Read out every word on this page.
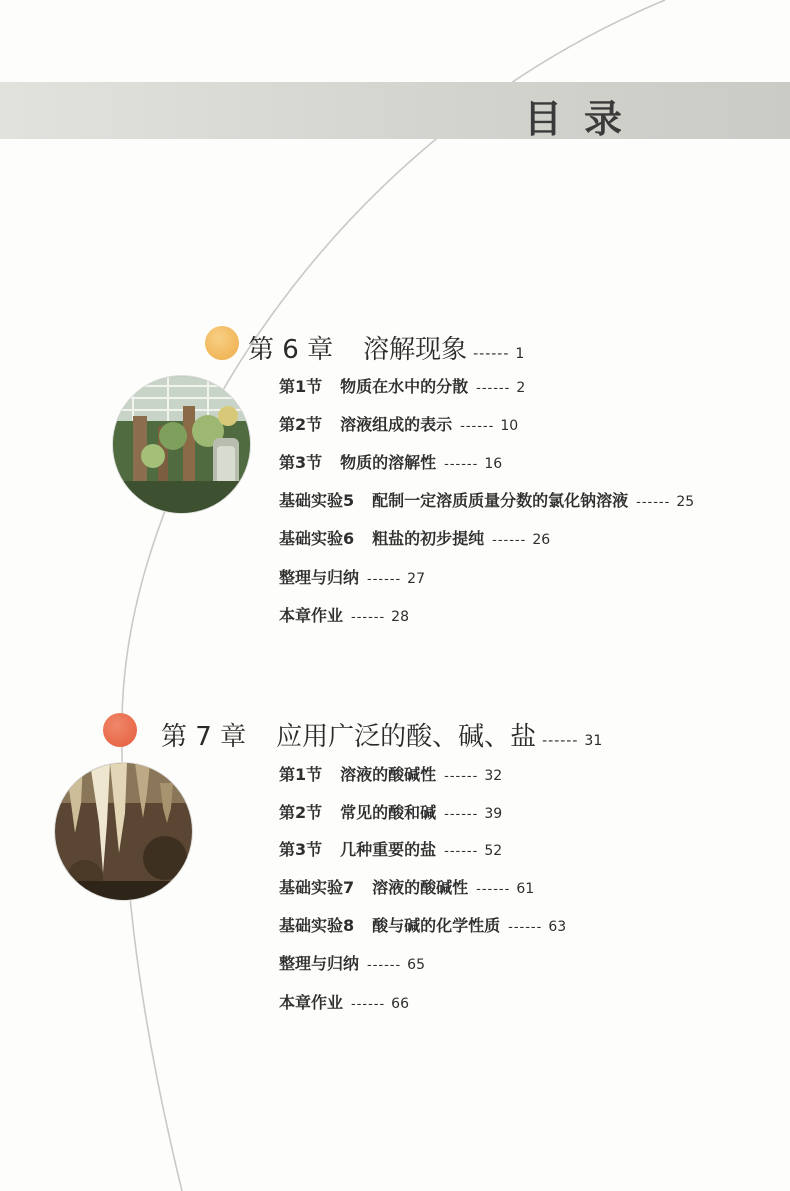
目录
第 6 章 溶解现象 ------ 1
第1节 物质在水中的分散 ------ 2
第2节 溶液组成的表示 ------ 10
第3节 物质的溶解性 ------ 16
基础实验5 配制一定溶质质量分数的氯化钠溶液 ------ 25
基础实验6 粗盐的初步提纯 ------ 26
整理与归纳 ------ 27
本章作业 ------ 28
第 7 章 应用广泛的酸、碱、盐 ------ 31
第1节 溶液的酸碱性 ------ 32
第2节 常见的酸和碱 ------ 39
第3节 几种重要的盐 ------ 52
基础实验7 溶液的酸碱性 ------ 61
基础实验8 酸与碱的化学性质 ------ 63
整理与归纳 ------ 65
本章作业 ------ 66
